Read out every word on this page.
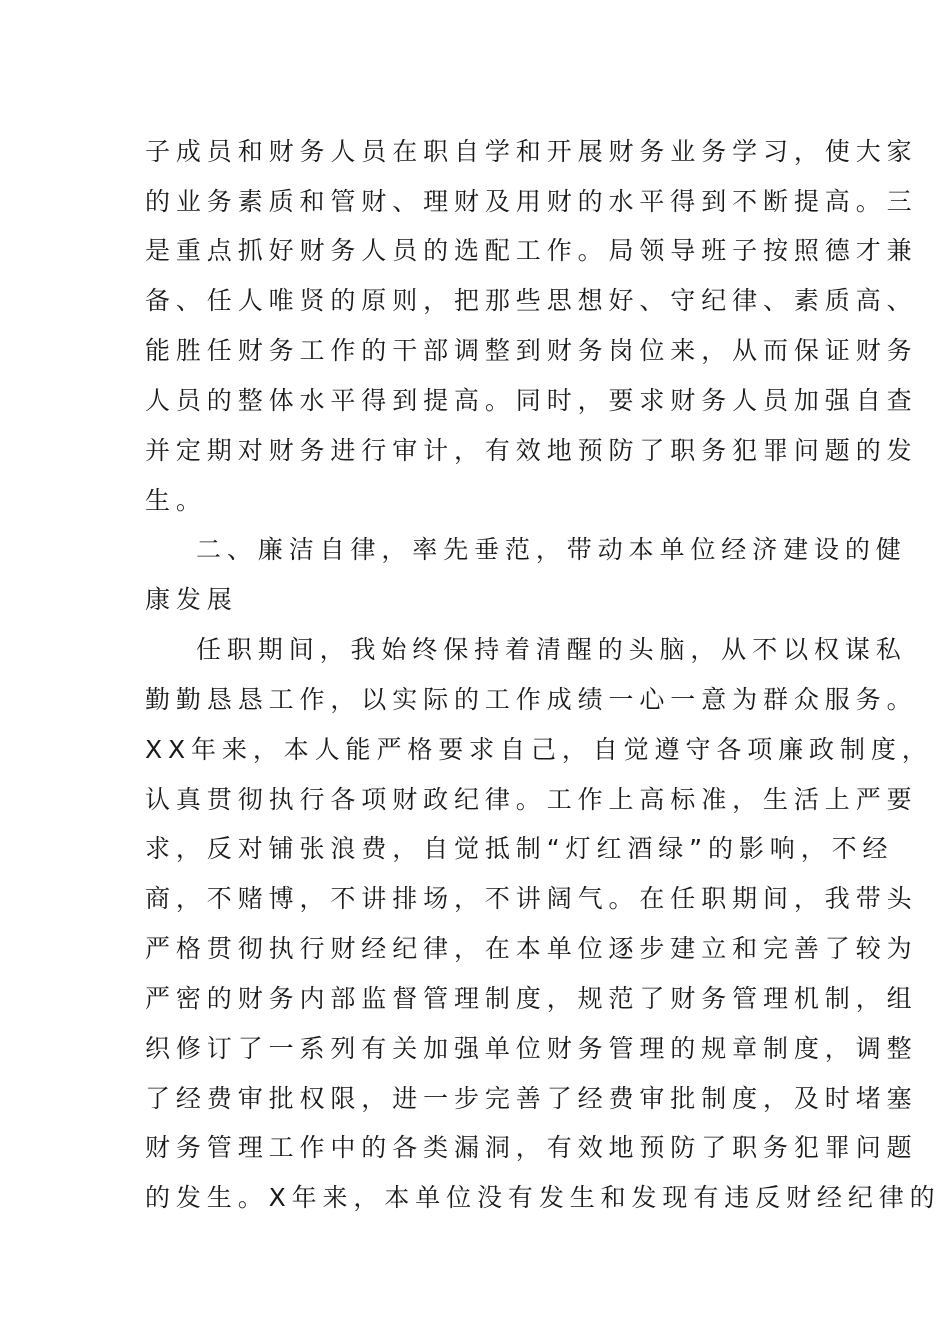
子成员和财务人员在职自学和开展财务业务学习，使大家
的业务素质和管财、理财及用财的水平得到不断提高。三
是重点抓好财务人员的选配工作。局领导班子按照德才兼
备、任人唯贤的原则，把那些思想好、守纪律、素质高、
能胜任财务工作的干部调整到财务岗位来，从而保证财务
人员的整体水平得到提高。同时，要求财务人员加强自查
并定期对财务进行审计，有效地预防了职务犯罪问题的发
生。
二、廉洁自律，率先垂范，带动本单位经济建设的健
康发展
任职期间，我始终保持着清醒的头脑，从不以权谋私
勤勤恳恳工作，以实际的工作成绩一心一意为群众服务。
XX年来，本人能严格要求自己，自觉遵守各项廉政制度，
认真贯彻执行各项财政纪律。工作上高标准，生活上严要
求，反对铺张浪费，自觉抵制“灯红酒绿”的影响，不经
商，不赌博，不讲排场，不讲阔气。在任职期间，我带头
严格贯彻执行财经纪律，在本单位逐步建立和完善了较为
严密的财务内部监督管理制度，规范了财务管理机制，组
织修订了一系列有关加强单位财务管理的规章制度，调整
了经费审批权限，进一步完善了经费审批制度，及时堵塞
财务管理工作中的各类漏洞，有效地预防了职务犯罪问题
的发生。X年来，本单位没有发生和发现有违反财经纪律的
